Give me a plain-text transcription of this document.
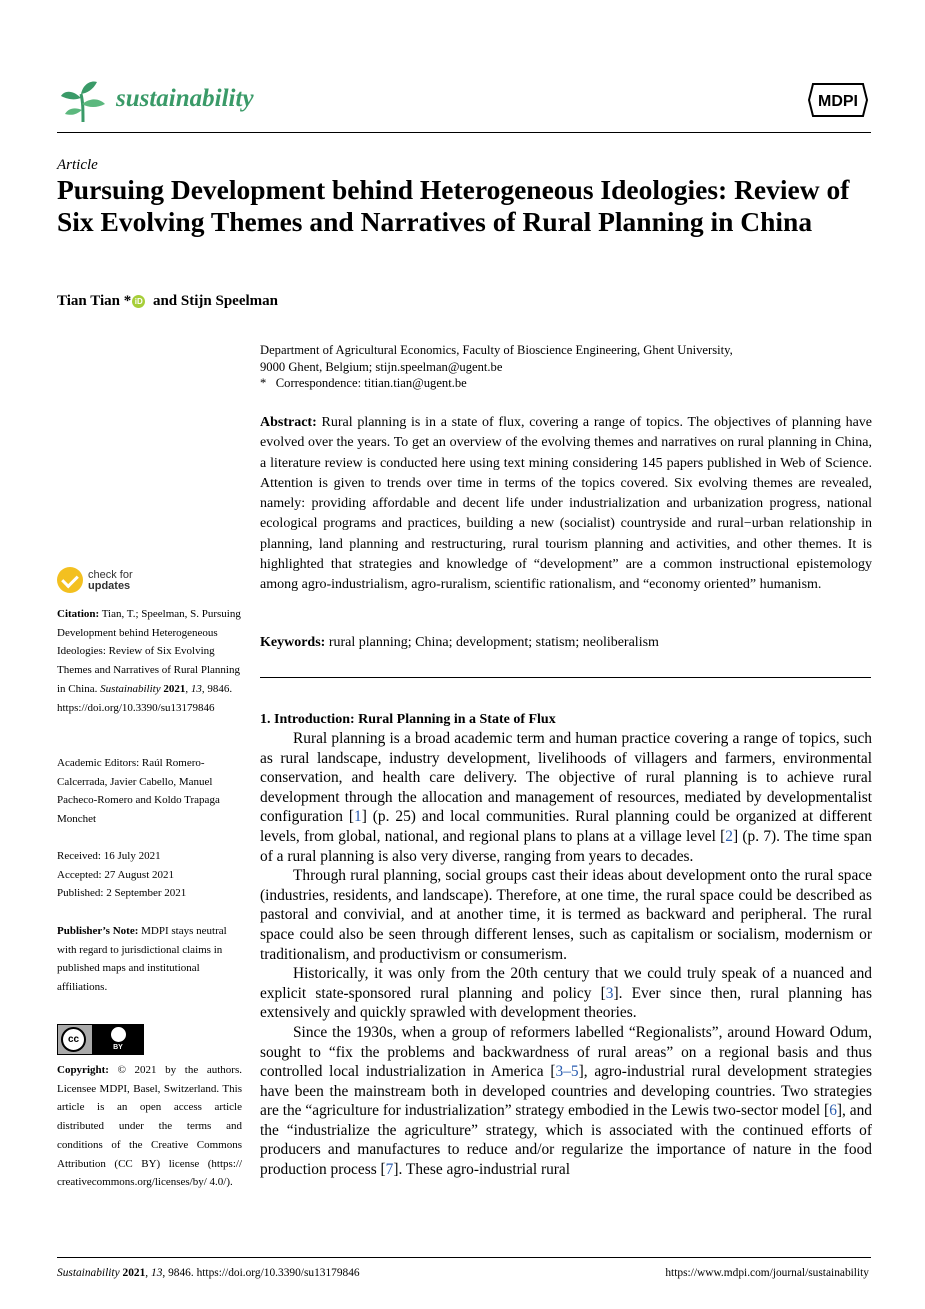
sustainability	MDPI
Article
Pursuing Development behind Heterogeneous Ideologies: Review of Six Evolving Themes and Narratives of Rural Planning in China
Tian Tian * iD and Stijn Speelman
Department of Agricultural Economics, Faculty of Bioscience Engineering, Ghent University,
9000 Ghent, Belgium; stijn.speelman@ugent.be
*   Correspondence: titian.tian@ugent.be
Abstract: Rural planning is in a state of flux, covering a range of topics. The objectives of planning have evolved over the years. To get an overview of the evolving themes and narratives on rural planning in China, a literature review is conducted here using text mining considering 145 papers published in Web of Science. Attention is given to trends over time in terms of the topics covered. Six evolving themes are revealed, namely: providing affordable and decent life under industrialization and urbanization progress, national ecological programs and practices, building a new (socialist) countryside and rural−urban relationship in planning, land planning and restructuring, rural tourism planning and activities, and other themes. It is highlighted that strategies and knowledge of “development” are a common instructional epistemology among agro-industrialism, agro-ruralism, scientific rationalism, and “economy oriented” humanism.
Keywords: rural planning; China; development; statism; neoliberalism
check for
updates
Citation: Tian, T.; Speelman, S. Pursuing Development behind Heterogeneous Ideologies: Review of Six Evolving Themes and Narratives of Rural Planning in China. Sustainability 2021, 13, 9846. https://doi.org/10.3390/su13179846
Academic Editors: Raúl Romero-Calcerrada, Javier Cabello, Manuel Pacheco-Romero and Koldo Trapaga Monchet
Received: 16 July 2021
Accepted: 27 August 2021
Published: 2 September 2021
Publisher’s Note: MDPI stays neutral with regard to jurisdictional claims in published maps and institutional affiliations.
cc
BY
Copyright: © 2021 by the authors. Licensee MDPI, Basel, Switzerland. This article is an open access article distributed under the terms and conditions of the Creative Commons Attribution (CC BY) license (https:// creativecommons.org/licenses/by/ 4.0/).
1. Introduction: Rural Planning in a State of Flux

Rural planning is a broad academic term and human practice covering a range of topics, such as rural landscape, industry development, livelihoods of villagers and farmers, environmental conservation, and health care delivery. The objective of rural planning is to achieve rural development through the allocation and management of resources, mediated by developmentalist configuration [1] (p. 25) and local communities. Rural planning could be organized at different levels, from global, national, and regional plans to plans at a village level [2] (p. 7). The time span of a rural planning is also very diverse, ranging from years to decades.

Through rural planning, social groups cast their ideas about development onto the rural space (industries, residents, and landscape). Therefore, at one time, the rural space could be described as pastoral and convivial, and at another time, it is termed as backward and peripheral. The rural space could also be seen through different lenses, such as capitalism or socialism, modernism or traditionalism, and productivism or consumerism.

Historically, it was only from the 20th century that we could truly speak of a nuanced and explicit state-sponsored rural planning and policy [3]. Ever since then, rural planning has extensively and quickly sprawled with development theories.

Since the 1930s, when a group of reformers labelled “Regionalists”, around Howard Odum, sought to “fix the problems and backwardness of rural areas” on a regional basis and thus controlled local industrialization in America [3–5], agro-industrial rural development strategies have been the mainstream both in developed countries and developing countries. Two strategies are the “agriculture for industrialization” strategy embodied in the Lewis two-sector model [6], and the “industrialize the agriculture” strategy, which is associated with the continued efforts of producers and manufactures to reduce and/or regularize the importance of nature in the food production process [7]. These agro-industrial rural

Sustainability 2021, 13, 9846. https://doi.org/10.3390/su13179846	https://www.mdpi.com/journal/sustainability
